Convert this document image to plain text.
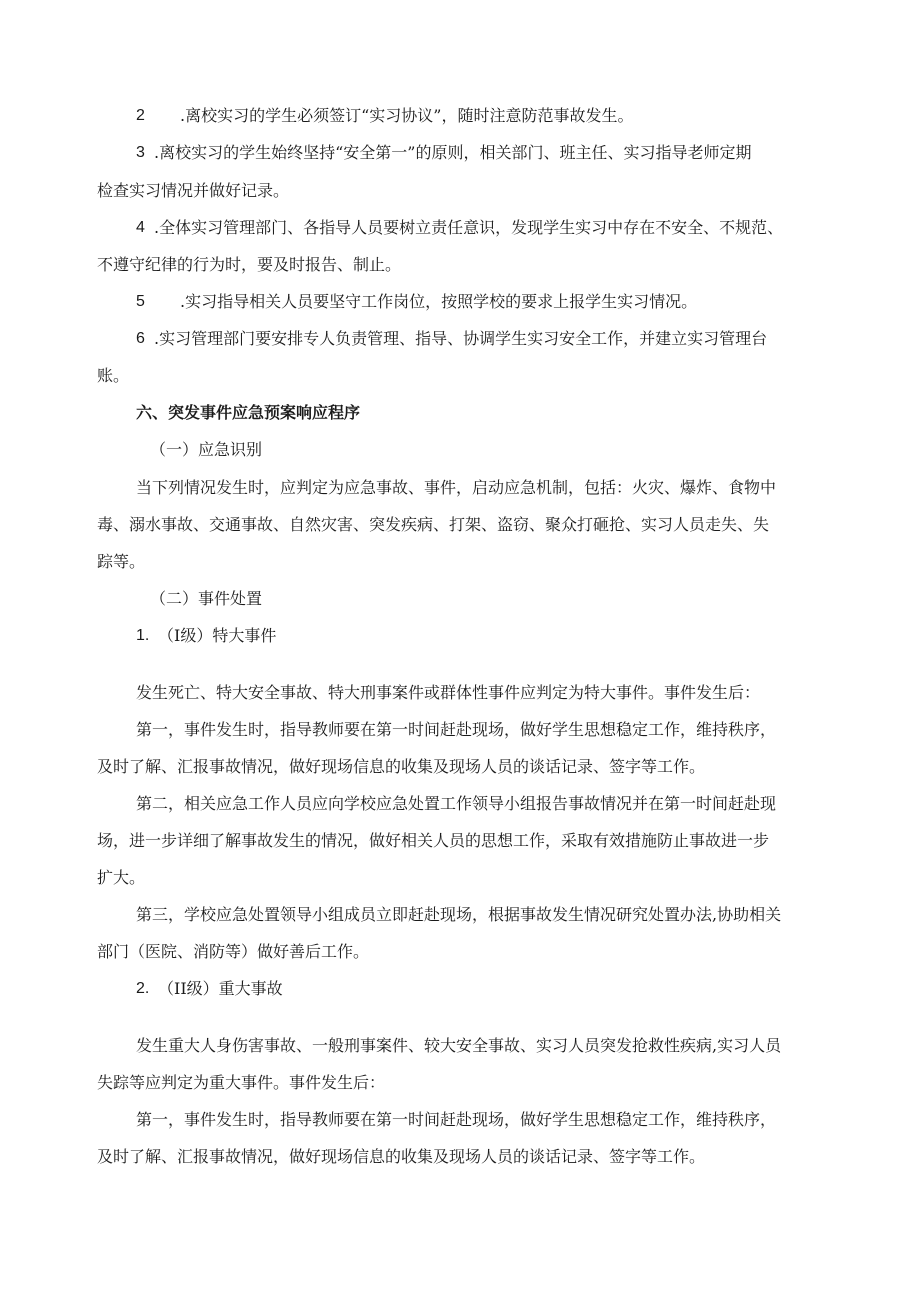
2 .离校实习的学生必须签订“实习协议”，随时注意防范事故发生。
3 .离校实习的学生始终坚持“安全第一”的原则，相关部门、班主任、实习指导老师定期
检查实习情况并做好记录。
4 .全体实习管理部门、各指导人员要树立责任意识，发现学生实习中存在不安全、不规范、
不遵守纪律的行为时，要及时报告、制止。
5 .实习指导相关人员要坚守工作岗位，按照学校的要求上报学生实习情况。
6 .实习管理部门要安排专人负责管理、指导、协调学生实习安全工作，并建立实习管理台
账。
六、突发事件应急预案响应程序
（一）应急识别
当下列情况发生时，应判定为应急事故、事件，启动应急机制，包括：火灾、爆炸、食物中
毒、溺水事故、交通事故、自然灾害、突发疾病、打架、盗窃、聚众打砸抢、实习人员走失、失
踪等。
（二）事件处置
1. （I级）特大事件
发生死亡、特大安全事故、特大刑事案件或群体性事件应判定为特大事件。事件发生后：
第一，事件发生时，指导教师要在第一时间赶赴现场，做好学生思想稳定工作，维持秩序，
及时了解、汇报事故情况，做好现场信息的收集及现场人员的谈话记录、签字等工作。
第二，相关应急工作人员应向学校应急处置工作领导小组报告事故情况并在第一时间赶赴现
场，进一步详细了解事故发生的情况，做好相关人员的思想工作，采取有效措施防止事故进一步
扩大。
第三，学校应急处置领导小组成员立即赶赴现场，根据事故发生情况研究处置办法,协助相关
部门（医院、消防等）做好善后工作。
2. （II级）重大事故
发生重大人身伤害事故、一般刑事案件、较大安全事故、实习人员突发抢救性疾病,实习人员
失踪等应判定为重大事件。事件发生后：
第一，事件发生时，指导教师要在第一时间赶赴现场，做好学生思想稳定工作，维持秩序，
及时了解、汇报事故情况，做好现场信息的收集及现场人员的谈话记录、签字等工作。
